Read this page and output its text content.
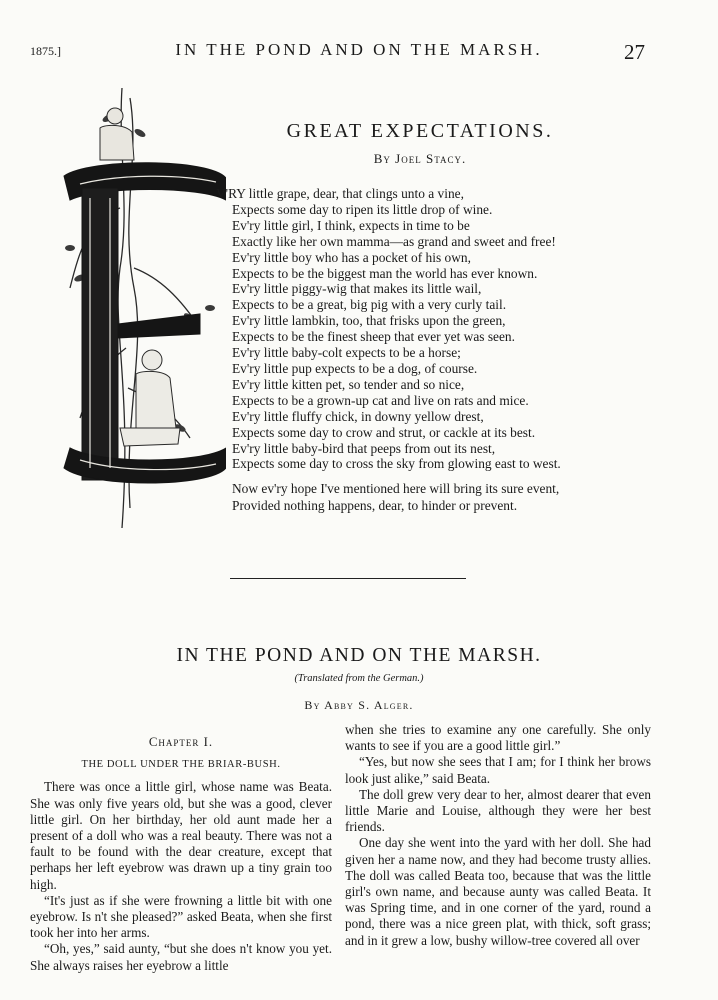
1875.]	IN THE POND AND ON THE MARSH.	27
GREAT EXPECTATIONS.
By Joel Stacy.
V'RY little grape, dear, that clings unto a vine,
Expects some day to ripen its little drop of wine.
Ev'ry little girl, I think, expects in time to be
Exactly like her own mamma—as grand and sweet and free!
Ev'ry little boy who has a pocket of his own,
Expects to be the biggest man the world has ever known.
Ev'ry little piggy-wig that makes its little wail,
Expects to be a great, big pig with a very curly tail.
Ev'ry little lambkin, too, that frisks upon the green,
Expects to be the finest sheep that ever yet was seen.
Ev'ry little baby-colt expects to be a horse;
Ev'ry little pup expects to be a dog, of course.
Ev'ry little kitten pet, so tender and so nice,
Expects to be a grown-up cat and live on rats and mice.
Ev'ry little fluffy chick, in downy yellow drest,
Expects some day to crow and strut, or cackle at its best.
Ev'ry little baby-bird that peeps from out its nest,
Expects some day to cross the sky from glowing east to west.
Now ev'ry hope I've mentioned here will bring its sure event,
Provided nothing happens, dear, to hinder or prevent.
IN THE POND AND ON THE MARSH.
(Translated from the German.)
By Abby S. Alger.

Chapter I.

THE DOLL UNDER THE BRIAR-BUSH.

There was once a little girl, whose name was Beata. She was only five years old, but she was a good, clever little girl. On her birthday, her old aunt made her a present of a doll who was a real beauty. There was not a fault to be found with the dear creature, except that perhaps her left eyebrow was drawn up a tiny grain too high.

“It's just as if she were frowning a little bit with one eyebrow. Is n't she pleased?” asked Beata, when she first took her into her arms.

“Oh, yes,” said aunty, “but she does n't know you yet. She always raises her eyebrow a little

when she tries to examine any one carefully. She only wants to see if you are a good little girl.”

“Yes, but now she sees that I am; for I think her brows look just alike,” said Beata.

The doll grew very dear to her, almost dearer that even little Marie and Louise, although they were her best friends.

One day she went into the yard with her doll. She had given her a name now, and they had become trusty allies. The doll was called Beata too, because that was the little girl's own name, and because aunty was called Beata. It was Spring time, and in one corner of the yard, round a pond, there was a nice green plat, with thick, soft grass; and in it grew a low, bushy willow-tree covered all over
